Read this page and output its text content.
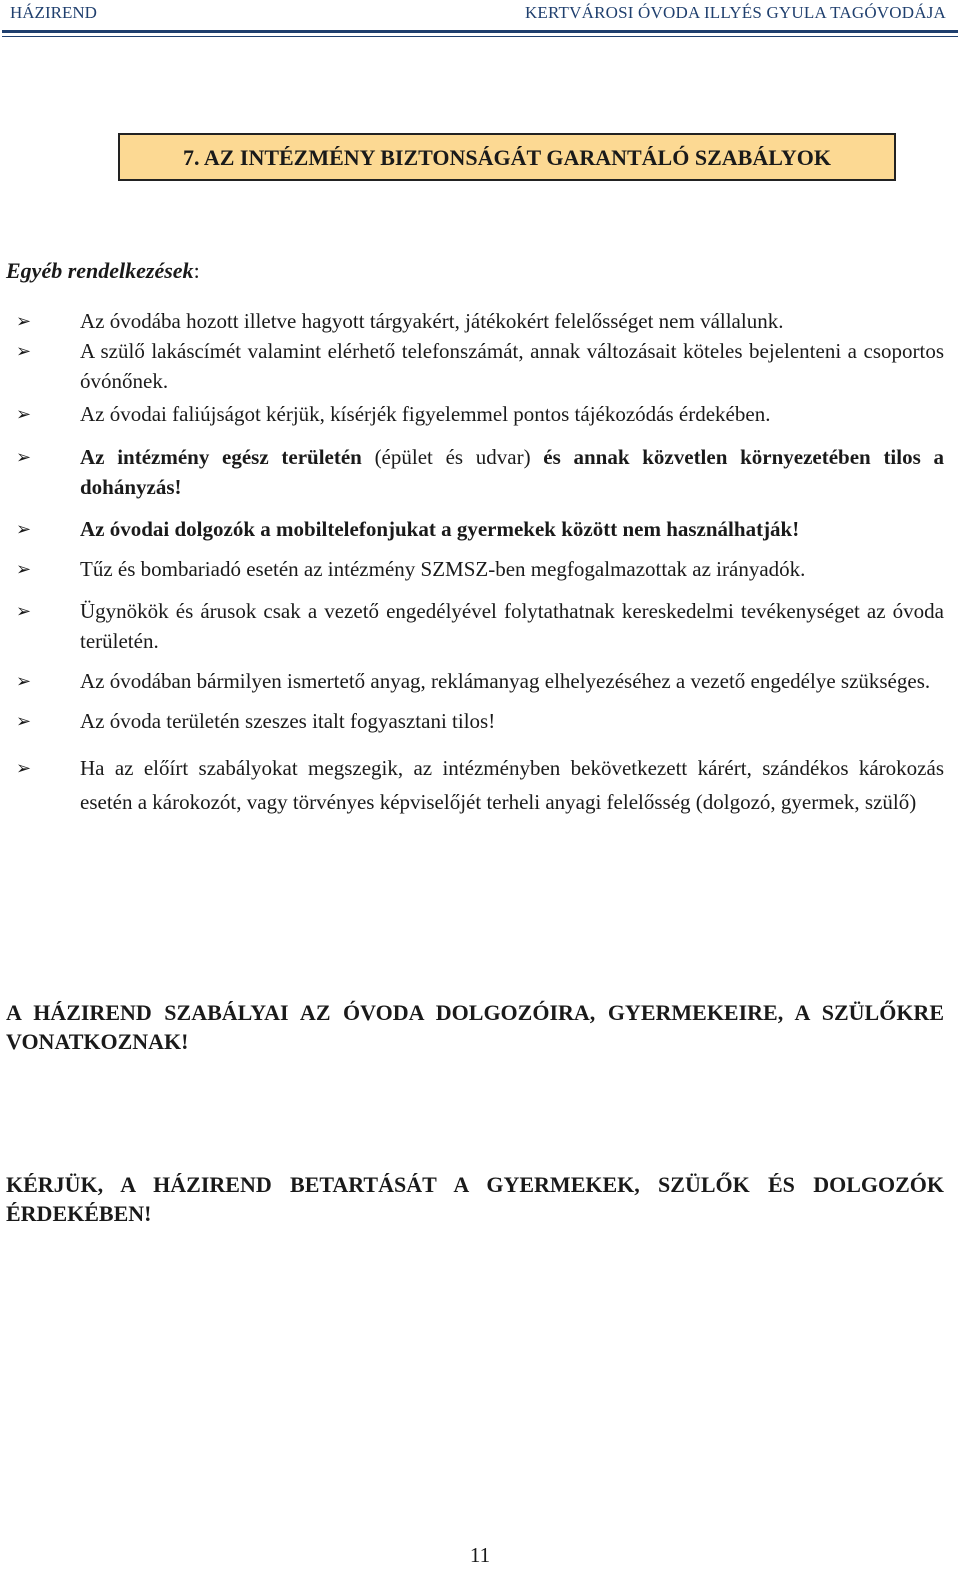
HÁZIREND	KERTVÁROSI ÓVODA ILLYÉS GYULA TAGÓVODÁJA
7. AZ INTÉZMÉNY BIZTONSÁGÁT GARANTÁLÓ SZABÁLYOK
Egyéb rendelkezések:
➢ Az óvodába hozott illetve hagyott tárgyakért, játékokért felelősséget nem vállalunk.
➢ A szülő lakáscímét valamint elérhető telefonszámát, annak változásait köteles bejelenteni a csoportos óvónőnek.
➢ Az óvodai faliújságot kérjük, kísérjék figyelemmel pontos tájékozódás érdekében.
➢ Az intézmény egész területén (épület és udvar) és annak közvetlen környezetében tilos a dohányzás!
➢ Az óvodai dolgozók a mobiltelefonjukat a gyermekek között nem használhatják!
➢ Tűz és bombariadó esetén az intézmény SZMSZ-ben megfogalmazottak az irányadók.
➢ Ügynökök és árusok csak a vezető engedélyével folytathatnak kereskedelmi tevékenységet az óvoda területén.
➢ Az óvodában bármilyen ismertető anyag, reklámanyag elhelyezéséhez a vezető engedélye szükséges.
➢ Az óvoda területén szeszes italt fogyasztani tilos!
➢ Ha az előírt szabályokat megszegik, az intézményben bekövetkezett kárért, szándékos károkozás esetén a károkozót, vagy törvényes képviselőjét terheli anyagi felelősség (dolgozó, gyermek, szülő)
A HÁZIREND SZABÁLYAI AZ ÓVODA DOLGOZÓIRA, GYERMEKEIRE, A SZÜLŐKRE VONATKOZNAK!
KÉRJÜK, A HÁZIREND BETARTÁSÁT A GYERMEKEK, SZÜLŐK ÉS DOLGOZÓK ÉRDEKÉBEN!
11
